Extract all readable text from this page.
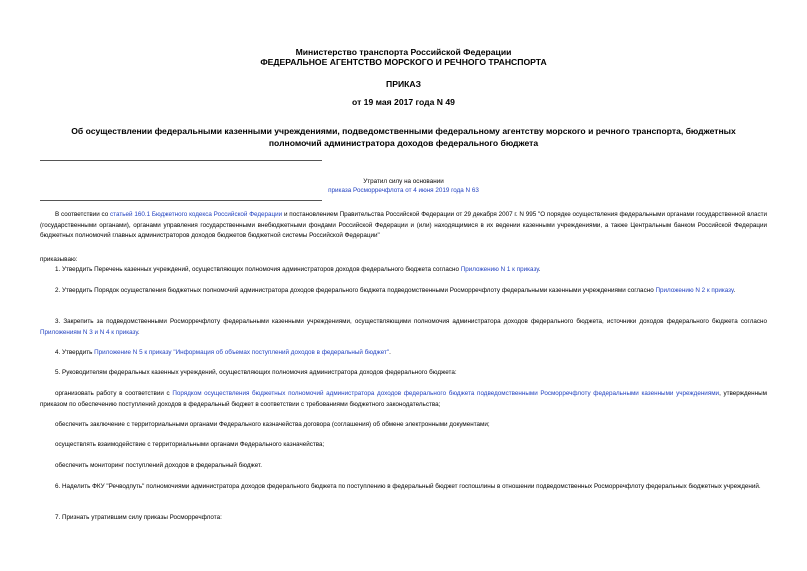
Министерство транспорта Российской Федерации
ФЕДЕРАЛЬНОЕ АГЕНТСТВО МОРСКОГО И РЕЧНОГО ТРАНСПОРТА
ПРИКАЗ
от 19 мая 2017 года N 49
Об осуществлении федеральными казенными учреждениями, подведомственными федеральному агентству морского и речного транспорта, бюджетных полномочий администратора доходов федерального бюджета
Утратил силу на основании
приказа Росморречфлота от 4 июня 2019 года N 63
В соответствии со статьей 160.1 Бюджетного кодекса Российской Федерации и постановлением Правительства Российской Федерации от 29 декабря 2007 г. N 995 "О порядке осуществления федеральными органами государственной власти (государственными органами), органами управления государственными внебюджетными фондами Российской Федерации и (или) находящимися в их ведении казенными учреждениями, а также Центральным банком Российской Федерации бюджетных полномочий главных администраторов доходов бюджетов бюджетной системы Российской Федерации"
приказываю:
1. Утвердить Перечень казенных учреждений, осуществляющих полномочия администраторов доходов федерального бюджета согласно Приложению N 1 к приказу.
2. Утвердить Порядок осуществления бюджетных полномочий администратора доходов федерального бюджета подведомственными Росморречфлоту федеральными казенными учреждениями согласно Приложению N 2 к приказу.
3. Закрепить за подведомственными Росморречфлоту федеральными казенными учреждениями, осуществляющими полномочия администратора доходов федерального бюджета, источники доходов федерального бюджета согласно Приложениям N 3 и N 4 к приказу.
4. Утвердить Приложение N 5 к приказу "Информация об объемах поступлений доходов в федеральный бюджет".
5. Руководителям федеральных казенных учреждений, осуществляющих полномочия администратора доходов федерального бюджета:
организовать работу в соответствии с Порядком осуществления бюджетных полномочий администратора доходов федерального бюджета подведомственными Росморречфлоту федеральными казенными учреждениями, утвержденным приказом по обеспечению поступлений доходов в федеральный бюджет в соответствии с требованиями бюджетного законодательства;
обеспечить заключение с территориальными органами Федерального казначейства договора (соглашения) об обмене электронными документами;
осуществлять взаимодействие с территориальными органами Федерального казначейства;
обеспечить мониторинг поступлений доходов в федеральный бюджет.
6. Наделить ФКУ "Речводпуть" полномочиями администратора доходов федерального бюджета по поступлению в федеральный бюджет госпошлины в отношении подведомственных Росморречфлоту федеральных бюджетных учреждений.
7. Признать утратившим силу приказы Росморречфлота:
